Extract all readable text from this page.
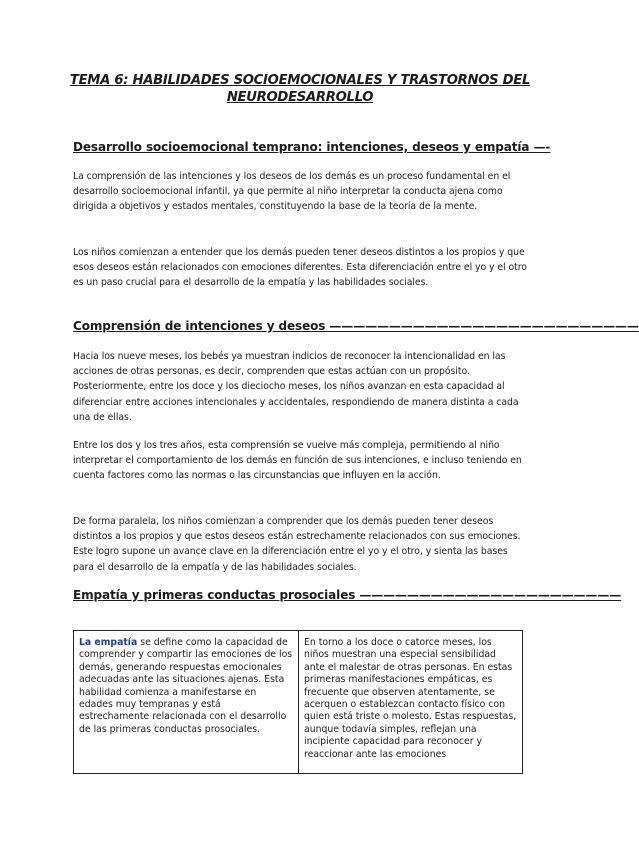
TEMA 6: HABILIDADES SOCIOEMOCIONALES Y TRASTORNOS DEL NEURODESARROLLO
Desarrollo socioemocional temprano: intenciones, deseos y empatía —-

La comprensión de las intenciones y los deseos de los demás es un proceso fundamental en el desarrollo socioemocional infantil, ya que permite al niño interpretar la conducta ajena como dirigida a objetivos y estados mentales, constituyendo la base de la teoría de la mente.

Los niños comienzan a entender que los demás pueden tener deseos distintos a los propios y que esos deseos están relacionados con emociones diferentes. Esta diferenciación entre el yo y el otro es un paso crucial para el desarrollo de la empatía y las habilidades sociales.

Comprensión de intenciones y deseos ——————————————————————————

Hacia los nueve meses, los bebés ya muestran indicios de reconocer la intencionalidad en las acciones de otras personas, es decir, comprenden que estas actúan con un propósito. Posteriormente, entre los doce y los dieciocho meses, los niños avanzan en esta capacidad al diferenciar entre acciones intencionales y accidentales, respondiendo de manera distinta a cada una de ellas.

Entre los dos y los tres años, esta comprensión se vuelve más compleja, permitiendo al niño interpretar el comportamiento de los demás en función de sus intenciones, e incluso teniendo en cuenta factores como las normas o las circunstancias que influyen en la acción.

De forma paralela, los niños comienzan a comprender que los demás pueden tener deseos distintos a los propios y que estos deseos están estrechamente relacionados con sus emociones. Este logro supone un avance clave en la diferenciación entre el yo y el otro, y sienta las bases para el desarrollo de la empatía y de las habilidades sociales.

Empatía y primeras conductas prosociales ——————————————————————
La empatía se define como la capacidad de comprender y compartir las emociones de los demás, generando respuestas emocionales adecuadas ante las situaciones ajenas. Esta habilidad comienza a manifestarse en edades muy tempranas y está estrechamente relacionada con el desarrollo de las primeras conductas prosociales.
En torno a los doce o catorce meses, los niños muestran una especial sensibilidad ante el malestar de otras personas. En estas primeras manifestaciones empáticas, es frecuente que observen atentamente, se acerquen o establezcan contacto físico con quien está triste o molesto. Estas respuestas, aunque todavía simples, reflejan una incipiente capacidad para reconocer y reaccionar ante las emociones
